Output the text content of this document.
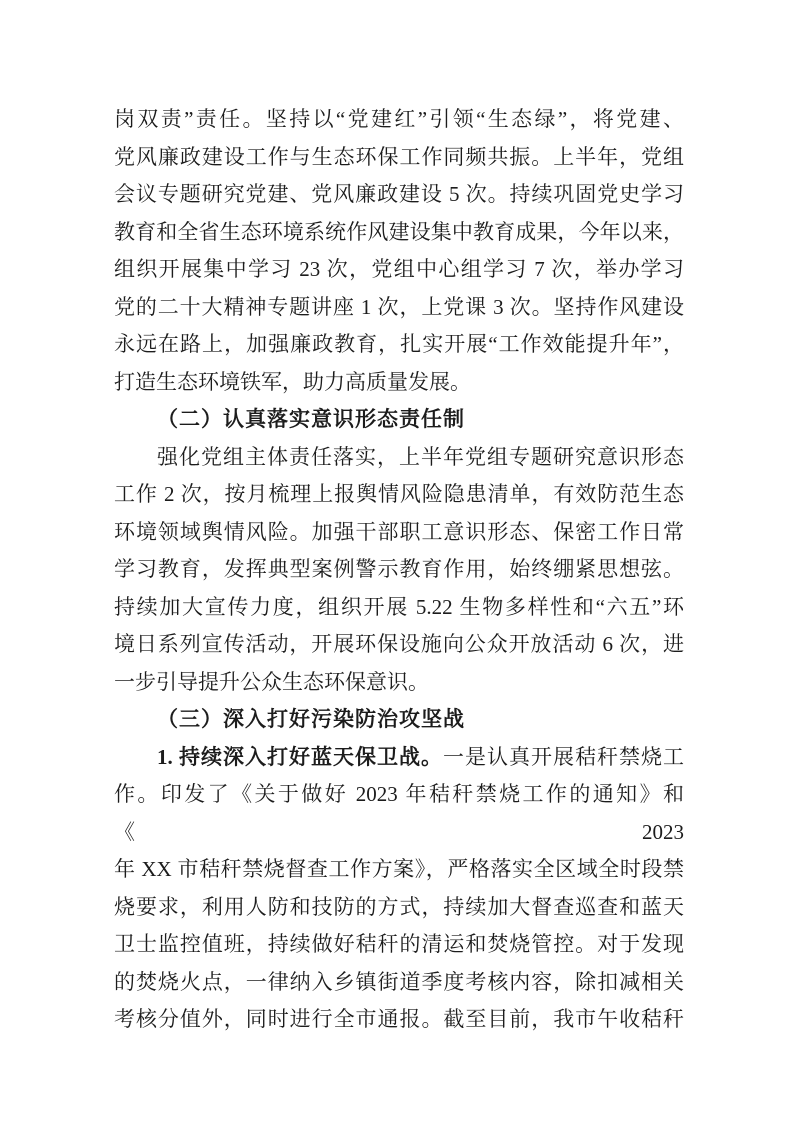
岗双责”责任。坚持以“党建红”引领“生态绿”，将党建、
党风廉政建设工作与生态环保工作同频共振。上半年，党组
会议专题研究党建、党风廉政建设 5 次。持续巩固党史学习
教育和全省生态环境系统作风建设集中教育成果，今年以来，
组织开展集中学习 23 次，党组中心组学习 7 次，举办学习
党的二十大精神专题讲座 1 次，上党课 3 次。坚持作风建设
永远在路上，加强廉政教育，扎实开展“工作效能提升年”，
打造生态环境铁军，助力高质量发展。
（二）认真落实意识形态责任制
强化党组主体责任落实，上半年党组专题研究意识形态
工作 2 次，按月梳理上报舆情风险隐患清单，有效防范生态
环境领域舆情风险。加强干部职工意识形态、保密工作日常
学习教育，发挥典型案例警示教育作用，始终绷紧思想弦。
持续加大宣传力度，组织开展 5.22 生物多样性和“六五”环
境日系列宣传活动，开展环保设施向公众开放活动 6 次，进
一步引导提升公众生态环保意识。
（三）深入打好污染防治攻坚战
1. 持续深入打好蓝天保卫战。一是认真开展秸秆禁烧工
作。印发了《关于做好 2023 年秸秆禁烧工作的通知》和《2023
年 XX 市秸秆禁烧督查工作方案》，严格落实全区域全时段禁
烧要求，利用人防和技防的方式，持续加大督查巡查和蓝天
卫士监控值班，持续做好秸秆的清运和焚烧管控。对于发现
的焚烧火点，一律纳入乡镇街道季度考核内容，除扣减相关
考核分值外，同时进行全市通报。截至目前，我市午收秸秆
